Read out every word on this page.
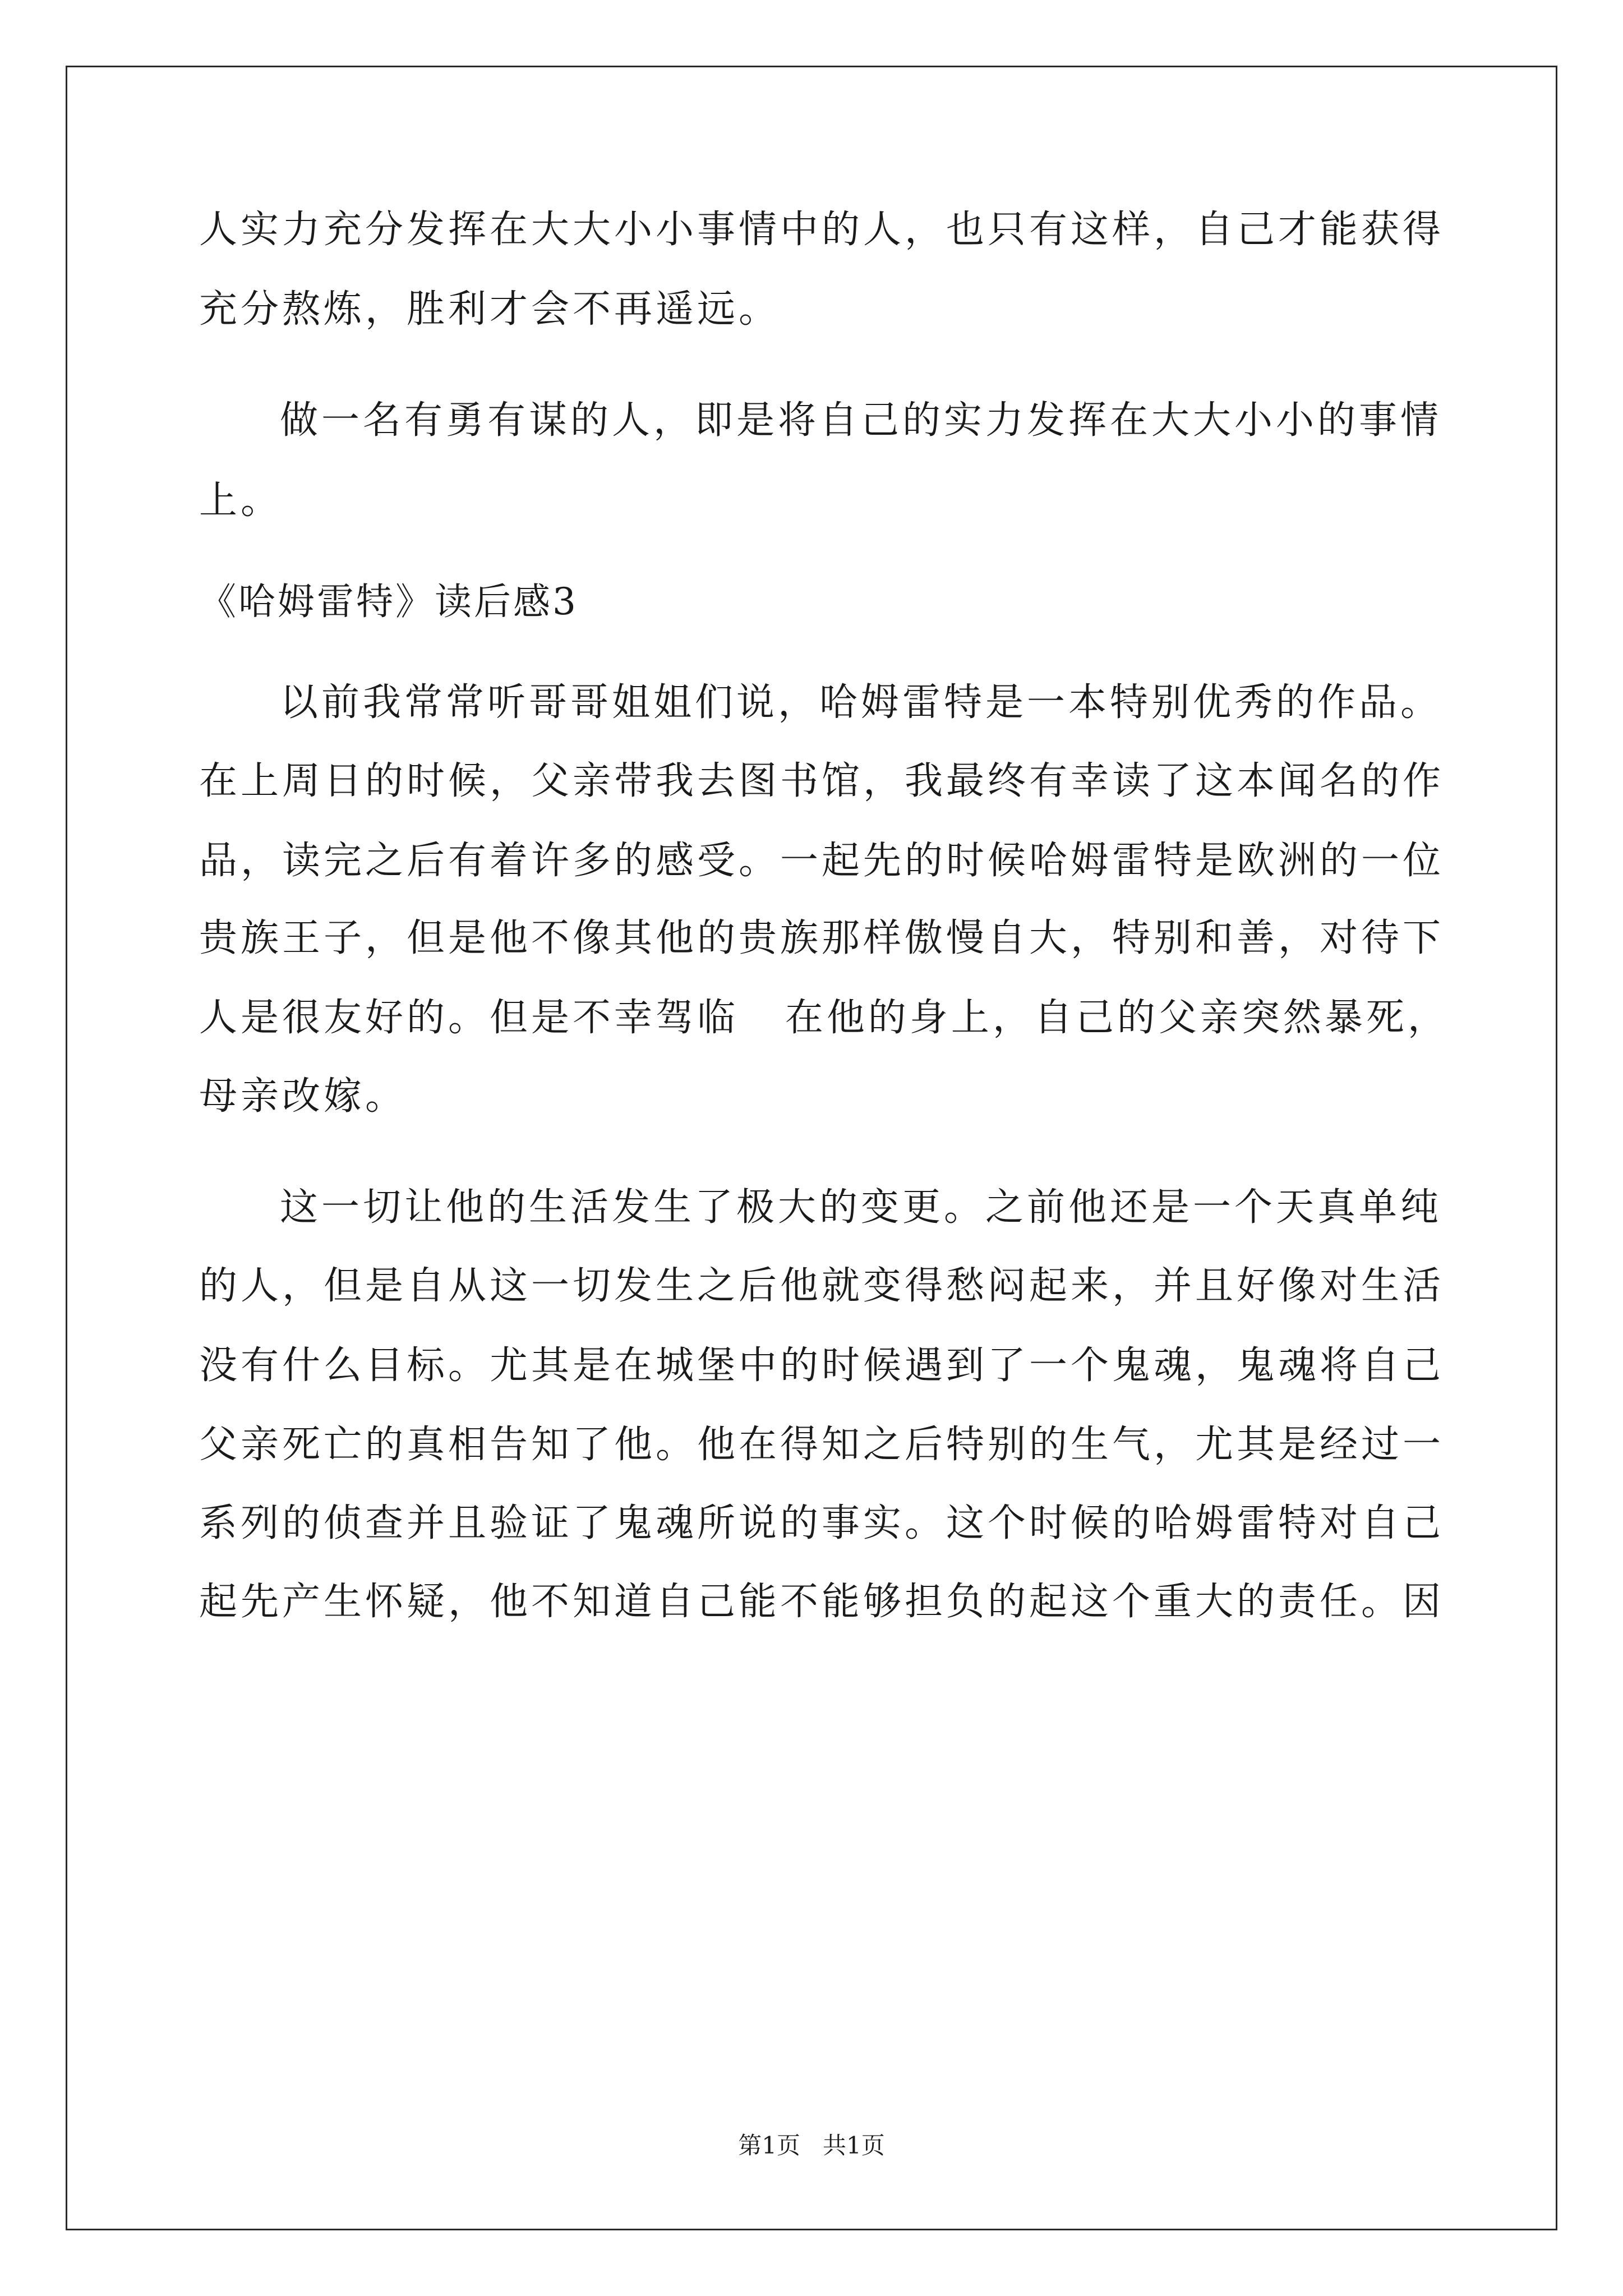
人实力充分发挥在大大小小事情中的人，也只有这样，自己才能获得
充分熬炼，胜利才会不再遥远。
做一名有勇有谋的人，即是将自己的实力发挥在大大小小的事情
上。
《哈姆雷特》读后感3
以前我常常听哥哥姐姐们说，哈姆雷特是一本特别优秀的作品。
在上周日的时候，父亲带我去图书馆，我最终有幸读了这本闻名的作
品，读完之后有着许多的感受。一起先的时候哈姆雷特是欧洲的一位
贵族王子，但是他不像其他的贵族那样傲慢自大，特别和善，对待下
人是很友好的。但是不幸驾临   在他的身上，自己的父亲突然暴死，
母亲改嫁。
这一切让他的生活发生了极大的变更。之前他还是一个天真单纯
的人，但是自从这一切发生之后他就变得愁闷起来，并且好像对生活
没有什么目标。尤其是在城堡中的时候遇到了一个鬼魂，鬼魂将自己
父亲死亡的真相告知了他。他在得知之后特别的生气，尤其是经过一
系列的侦查并且验证了鬼魂所说的事实。这个时候的哈姆雷特对自己
起先产生怀疑，他不知道自己能不能够担负的起这个重大的责任。因
第1页   共1页
